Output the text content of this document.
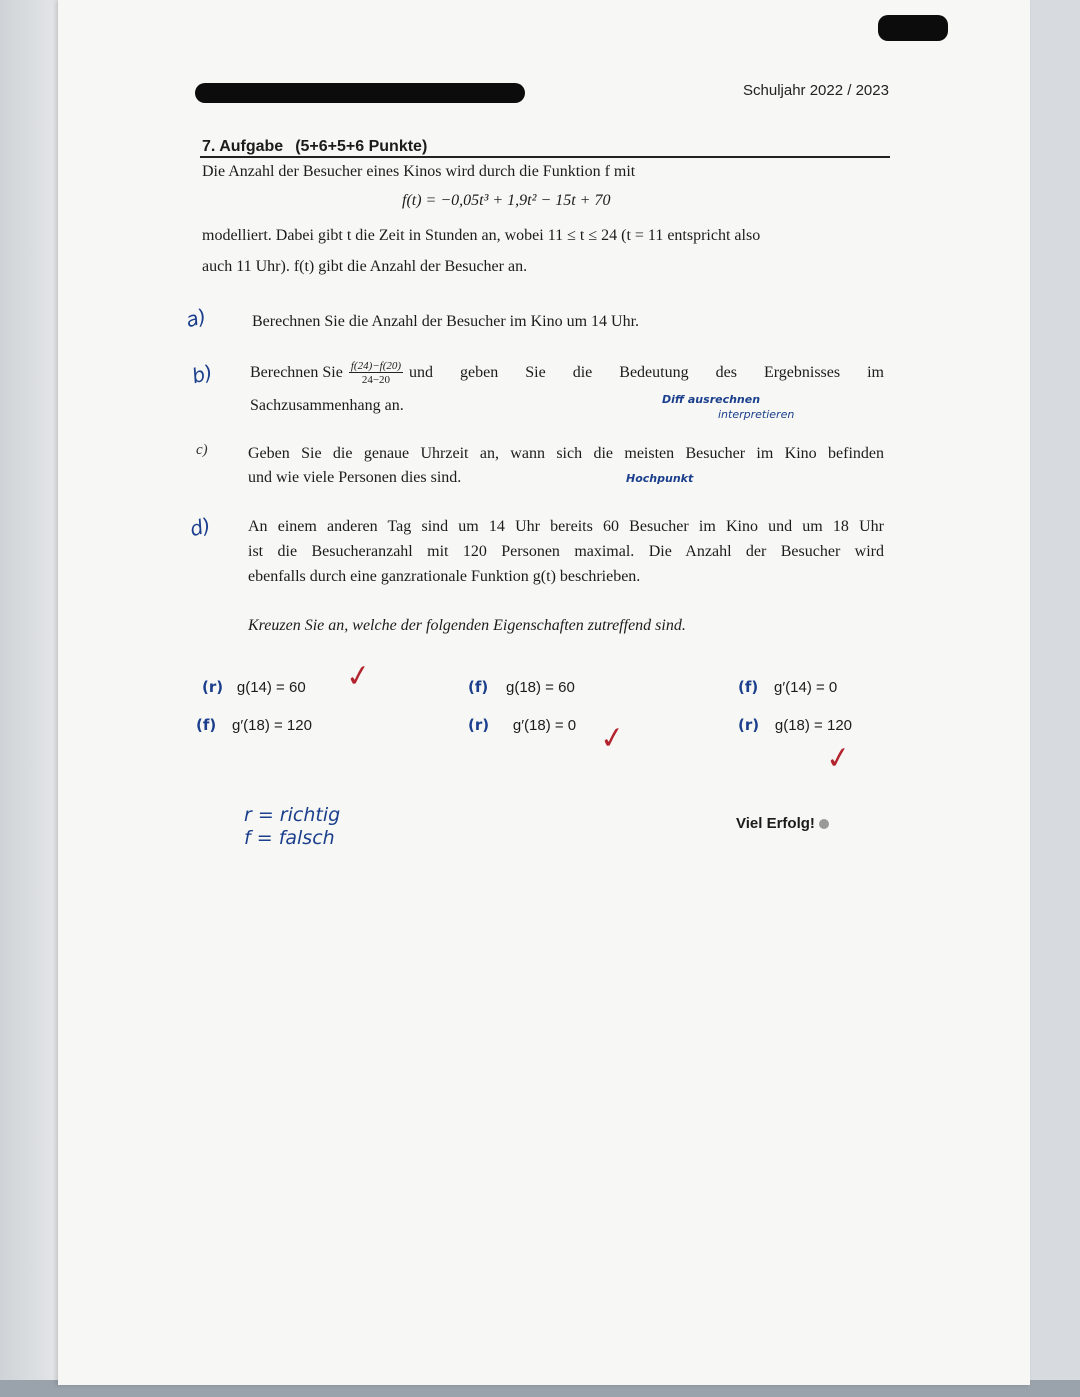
Schuljahr 2022 / 2023
7. Aufgabe (5+6+5+6 Punkte)
Die Anzahl der Besucher eines Kinos wird durch die Funktion f mit
f(t) = −0,05t³ + 1,9t² − 15t + 70
modelliert. Dabei gibt t die Zeit in Stunden an, wobei 11 ≤ t ≤ 24 (t = 11 entspricht also
auch 11 Uhr). f(t) gibt die Anzahl der Besucher an.
a)	Berechnen Sie die Anzahl der Besucher im Kino um 14 Uhr.
b) Berechnen Sie $\frac{f(24)-f(20)}{24-20}$ und geben Sie die Bedeutung des Ergebnisses im
Sachzusammenhang an.	Diff ausrechnen
interpretieren
c)	Geben Sie die genaue Uhrzeit an, wann sich die meisten Besucher im Kino befinden
und wie viele Personen dies sind.	Hochpunkt
d) An einem anderen Tag sind um 14 Uhr bereits 60 Besucher im Kino und um 18 Uhr
ist die Besucheranzahl mit 120 Personen maximal. Die Anzahl der Besucher wird
ebenfalls durch eine ganzrationale Funktion g(t) beschrieben.
Kreuzen Sie an, welche der folgenden Eigenschaften zutreffend sind.
(r) g(14) = 60 ✓	(f) g(18) = 60	(f) g′(14) = 0
(f) g′(18) = 120	(r) g′(18) = 0 ✓	(r) g(18) = 120
✓
r = richtig
f = falsch
Viel Erfolg!
